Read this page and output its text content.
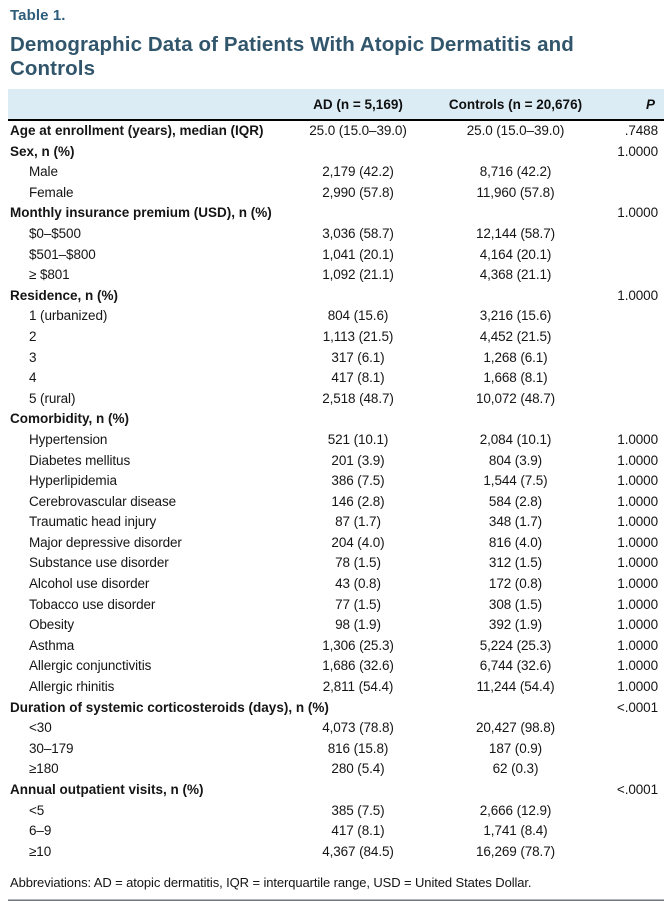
Table 1.
Demographic Data of Patients With Atopic Dermatitis and Controls
	AD (n = 5,169)	Controls (n = 20,676)	P
Age at enrollment (years), median (IQR)	25.0 (15.0–39.0)	25.0 (15.0–39.0)	.7488
Sex, n (%)			1.0000
Male	2,179 (42.2)	8,716 (42.2)	
Female	2,990 (57.8)	11,960 (57.8)	
Monthly insurance premium (USD), n (%)			1.0000
$0–$500	3,036 (58.7)	12,144 (58.7)	
$501–$800	1,041 (20.1)	4,164 (20.1)	
≥ $801	1,092 (21.1)	4,368 (21.1)	
Residence, n (%)			1.0000
1 (urbanized)	804 (15.6)	3,216 (15.6)	
2	1,113 (21.5)	4,452 (21.5)	
3	317 (6.1)	1,268 (6.1)	
4	417 (8.1)	1,668 (8.1)	
5 (rural)	2,518 (48.7)	10,072 (48.7)	
Comorbidity, n (%)			
Hypertension	521 (10.1)	2,084 (10.1)	1.0000
Diabetes mellitus	201 (3.9)	804 (3.9)	1.0000
Hyperlipidemia	386 (7.5)	1,544 (7.5)	1.0000
Cerebrovascular disease	146 (2.8)	584 (2.8)	1.0000
Traumatic head injury	87 (1.7)	348 (1.7)	1.0000
Major depressive disorder	204 (4.0)	816 (4.0)	1.0000
Substance use disorder	78 (1.5)	312 (1.5)	1.0000
Alcohol use disorder	43 (0.8)	172 (0.8)	1.0000
Tobacco use disorder	77 (1.5)	308 (1.5)	1.0000
Obesity	98 (1.9)	392 (1.9)	1.0000
Asthma	1,306 (25.3)	5,224 (25.3)	1.0000
Allergic conjunctivitis	1,686 (32.6)	6,744 (32.6)	1.0000
Allergic rhinitis	2,811 (54.4)	11,244 (54.4)	1.0000
Duration of systemic corticosteroids (days), n (%)			<.0001
<30	4,073 (78.8)	20,427 (98.8)	
30–179	816 (15.8)	187 (0.9)	
≥180	280 (5.4)	62 (0.3)	
Annual outpatient visits, n (%)			<.0001
<5	385 (7.5)	2,666 (12.9)	
6–9	417 (8.1)	1,741 (8.4)	
≥10	4,367 (84.5)	16,269 (78.7)	
Abbreviations: AD = atopic dermatitis, IQR = interquartile range, USD = United States Dollar.
